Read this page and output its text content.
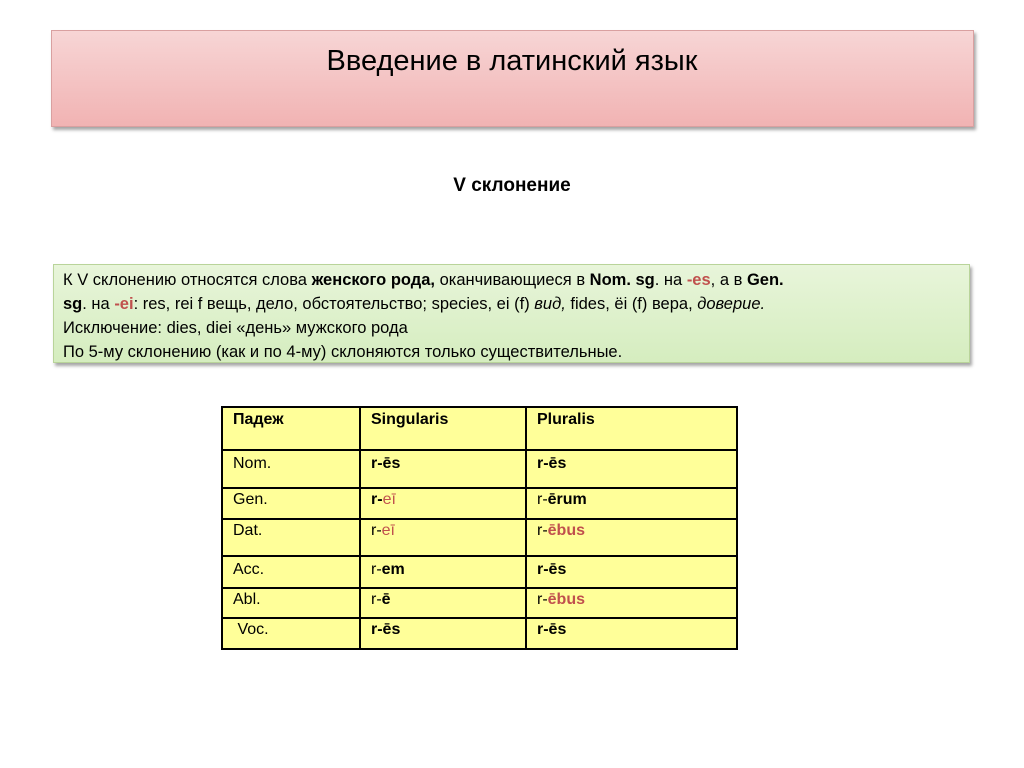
Введение в латинский язык
V склонение

К V склонению относятся слова женского рода, оканчивающиеся в Nom. sg. на -es, а в Gen.

sg. на -ei: res, rei f вещь, дело, обстоятельство; species, ei (f) вид, fides, ёi (f) вера, доверие.

Исключение: dies, diei «день» мужского рода

По 5-му склонению (как и по 4-му) склоняются только существительные.

Падеж	Singularis	Pluralis
Nom.	r-ēs	r-ēs
Gen.	r-eī	r-ērum
Dat.	r-eī	r-ēbus
Acc.	r-em	r-ēs
Abl.	r-ē	r-ēbus
Voc.	r-ēs	r-ēs
